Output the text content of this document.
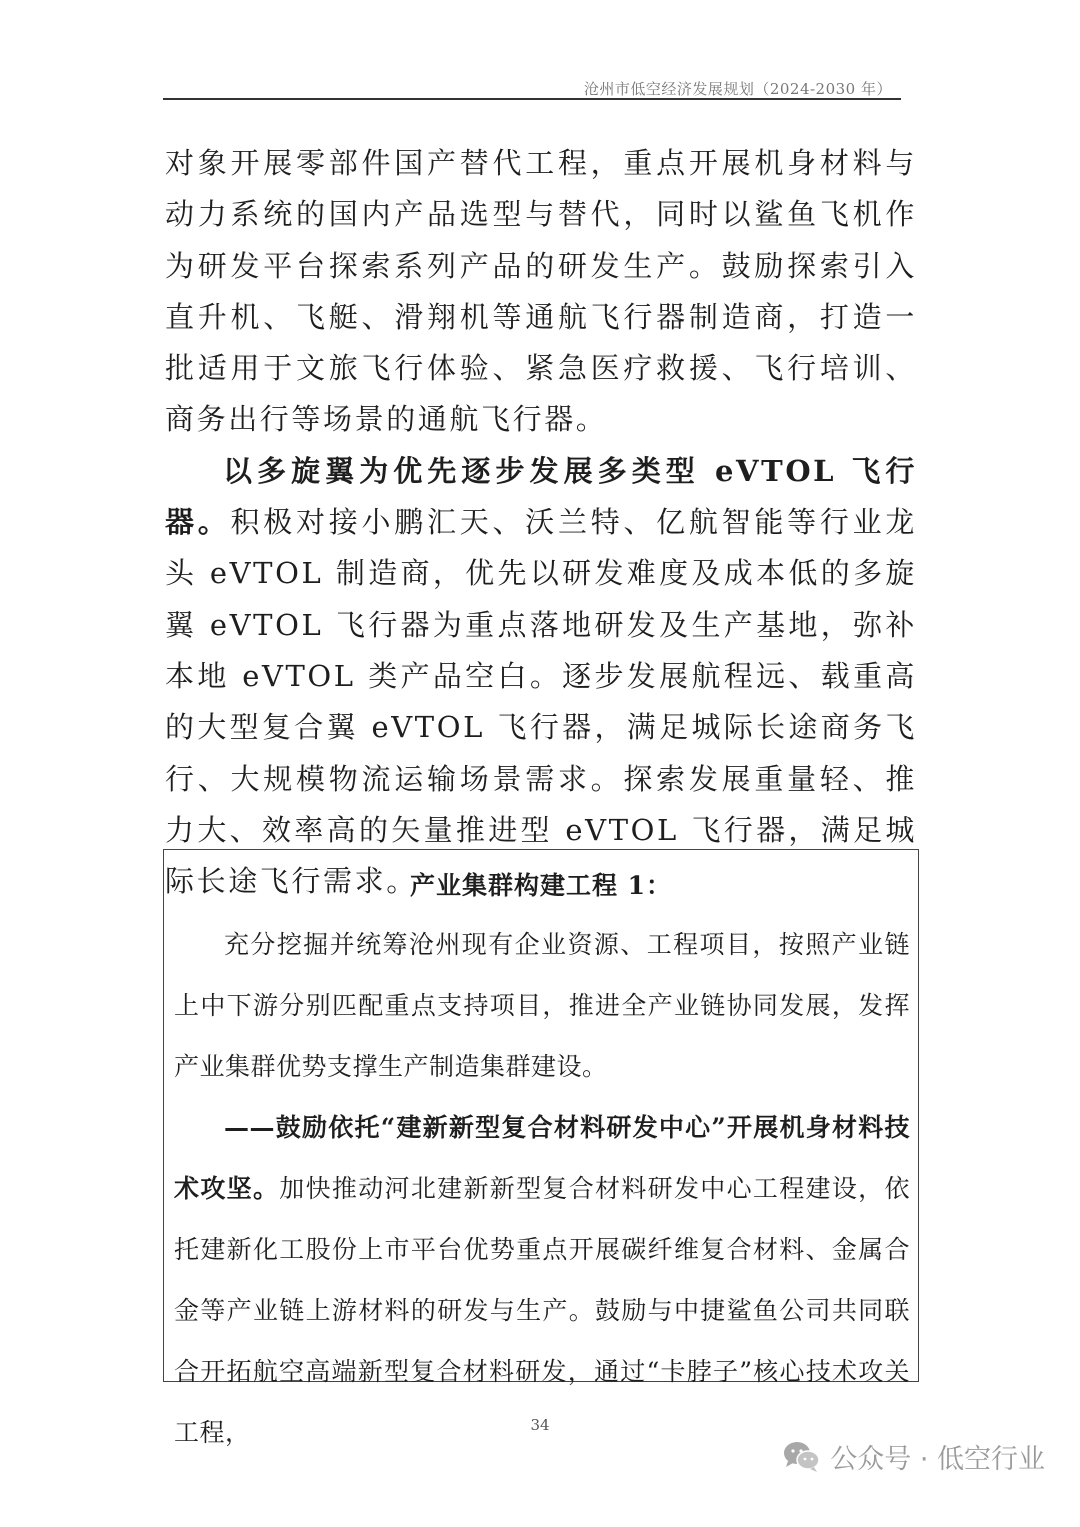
沧州市低空经济发展规划（2024-2030 年）

对象开展零部件国产替代工程，重点开展机身材料与动力系统的国内产品选型与替代，同时以鲨鱼飞机作为研发平台探索系列产品的研发生产。鼓励探索引入直升机、飞艇、滑翔机等通航飞行器制造商，打造一批适用于文旅飞行体验、紧急医疗救援、飞行培训、商务出行等场景的通航飞行器。

以多旋翼为优先逐步发展多类型 eVTOL 飞行器。积极对接小鹏汇天、沃兰特、亿航智能等行业龙头 eVTOL 制造商，优先以研发难度及成本低的多旋翼 eVTOL 飞行器为重点落地研发及生产基地，弥补本地 eVTOL 类产品空白。逐步发展航程远、载重高的大型复合翼 eVTOL 飞行器，满足城际长途商务飞行、大规模物流运输场景需求。探索发展重量轻、推力大、效率高的矢量推进型 eVTOL 飞行器，满足城际长途飞行需求。

产业集群构建工程 1：

充分挖掘并统筹沧州现有企业资源、工程项目，按照产业链上中下游分别匹配重点支持项目，推进全产业链协同发展，发挥产业集群优势支撑生产制造集群建设。

——鼓励依托“建新新型复合材料研发中心”开展机身材料技术攻坚。加快推动河北建新新型复合材料研发中心工程建设，依托建新化工股份上市平台优势重点开展碳纤维复合材料、金属合金等产业链上游材料的研发与生产。鼓励与中捷鲨鱼公司共同联合开拓航空高端新型复合材料研发，通过“卡脖子”核心技术攻关工程，	34
公众号 · 低空行业
